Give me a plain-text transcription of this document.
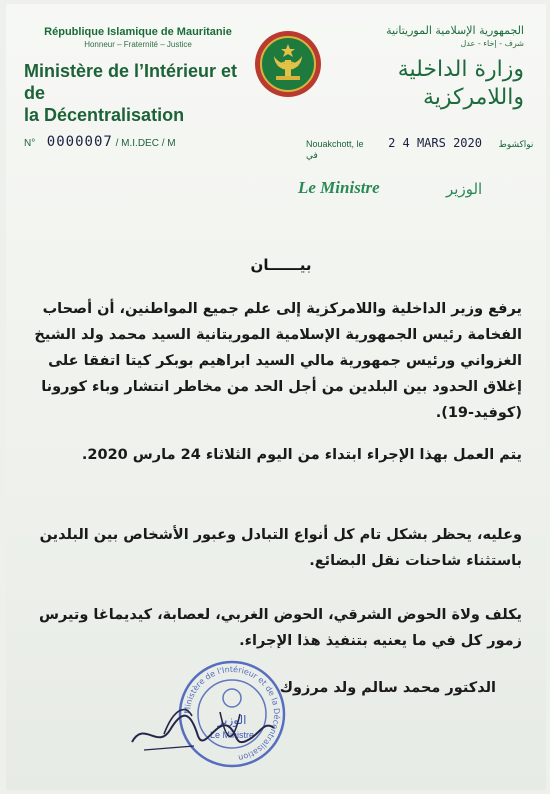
République Islamique de Mauritanie
Honneur – Fraternité – Justice
Ministère de l’Intérieur et de
la Décentralisation
الجمهورية الإسلامية الموريتانية
شرف - إخاء - عدل
وزارة الداخلية
واللامركزية
N° 0000007 / M.I.DEC / M	Nouakchott, le 2 4 MARS 2020 نواكشوط في
Le Ministre	الوزير
بيــــــان
يرفع وزير الداخلية واللامركزية إلى علم جميع المواطنين، أن أصحاب الفخامة رئيس الجمهورية الإسلامية الموريتانية السيد محمد ولد الشيخ الغزواني ورئيس جمهورية مالي السيد ابراهيم بوبكر كيتا اتفقا على إغلاق الحدود بين البلدين من أجل الحد من مخاطر انتشار وباء كورونا (كوفيد-19).
يتم العمل بهذا الإجراء ابتداء من اليوم الثلاثاء 24 مارس 2020.
وعليه، يحظر بشكل تام كل أنواع التبادل وعبور الأشخاص بين البلدين باستثناء شاحنات نقل البضائع.
يكلف ولاة الحوض الشرقي، الحوض الغربي، لعصابة، كيديماغا وتيرس زمور كل في ما يعنيه بتنفيذ هذا الإجراء.
Ministère de l'Intérieur et de la Décentralisation
الوزير
Le Ministre
الدكتور محمد سالم ولد مرزوك
